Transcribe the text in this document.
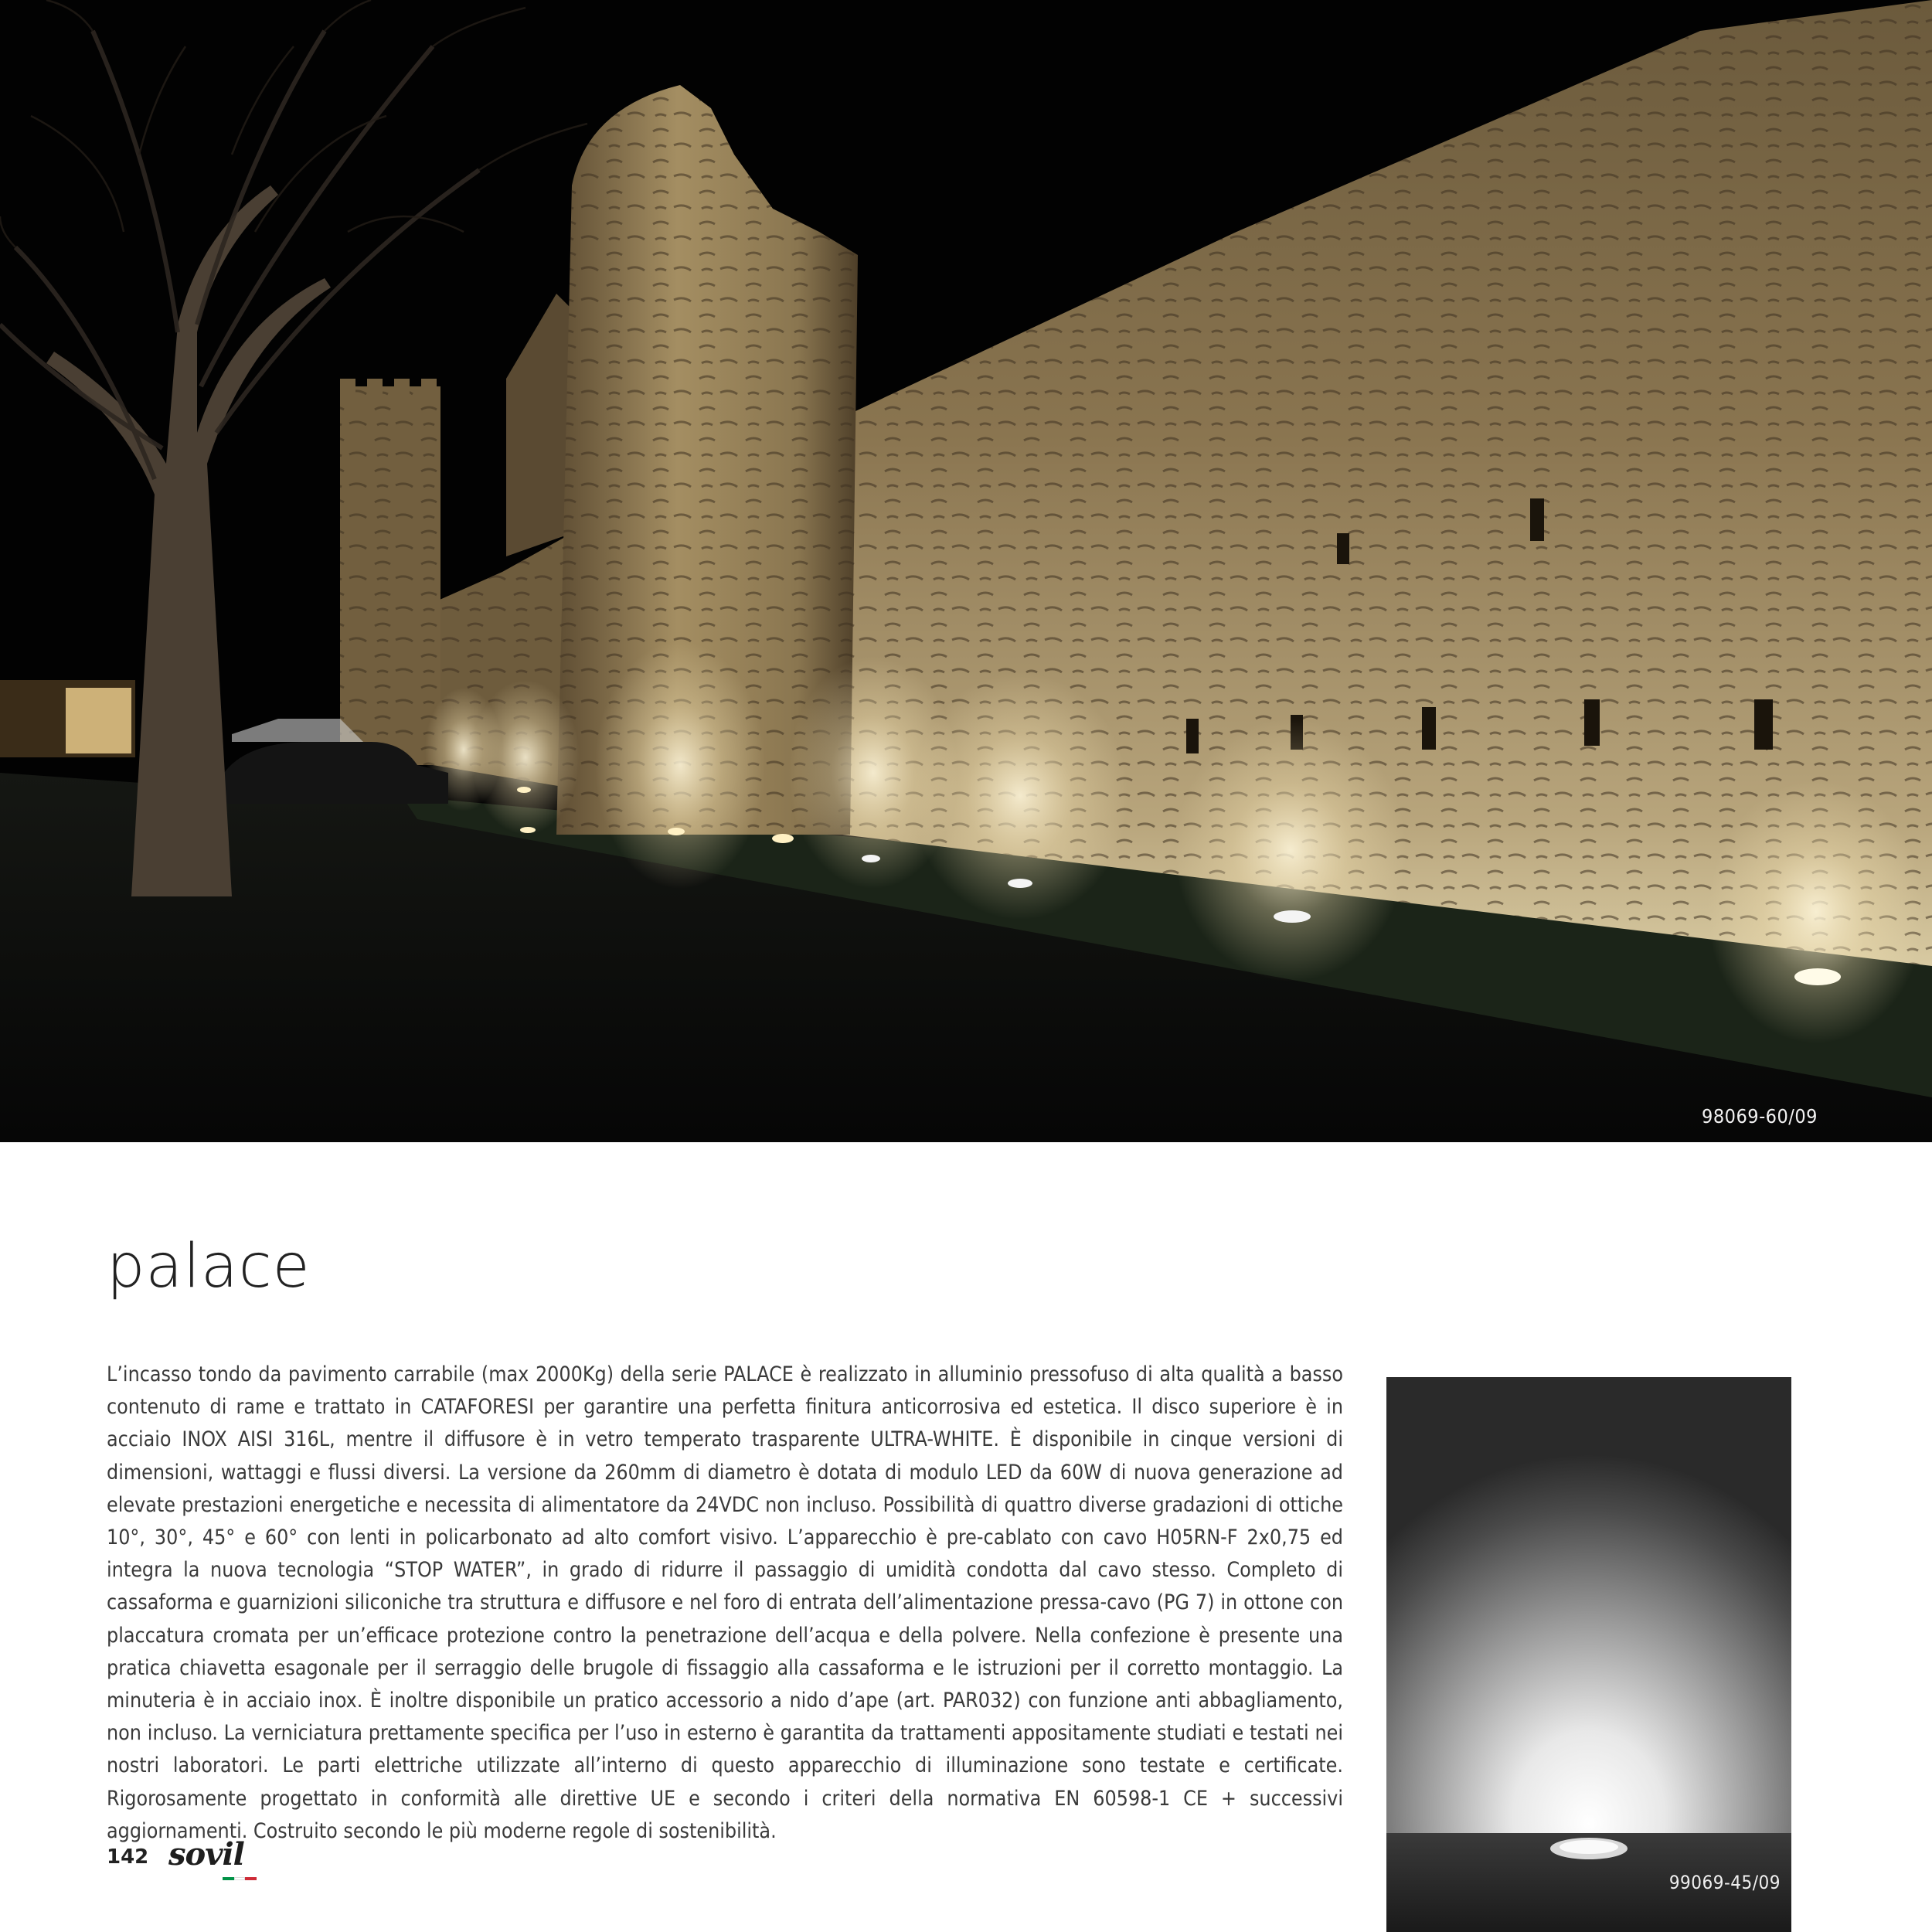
98069-60/09
palace

L’incasso tondo da pavimento carrabile (max 2000Kg) della serie PALACE è realizzato in alluminio pressofuso di alta qualità a basso contenuto di rame e trattato in CATAFORESI per garantire una perfetta finitura anticorrosiva ed estetica. Il disco superiore è in acciaio INOX AISI 316L, mentre il diffusore è in vetro temperato trasparente ULTRA-WHITE. È disponibile in cinque versioni di dimensioni, wattaggi e flussi diversi. La versione da 260mm di diametro è dotata di modulo LED da 60W di nuova generazione ad elevate prestazioni energetiche e necessita di alimentatore da 24VDC non incluso. Possibilità di quattro diverse gradazioni di ottiche 10°, 30°, 45° e 60° con lenti in policarbonato ad alto comfort visivo. L’apparecchio è pre-cablato con cavo H05RN-F 2x0,75 ed integra la nuova tecnologia “STOP WATER”, in grado di ridurre il passaggio di umidità condotta dal cavo stesso. Completo di cassaforma e guarnizioni siliconiche tra struttura e diffusore e nel foro di entrata dell’alimentazione pressa-cavo (PG 7) in ottone con placcatura cromata per un’efficace protezione contro la penetrazione dell’acqua e della polvere. Nella confezione è presente una pratica chiavetta esagonale per il serraggio delle brugole di fissaggio alla cassaforma e le istruzioni per il corretto montaggio. La minuteria è in acciaio inox. È inoltre disponibile un pratico accessorio a nido d’ape (art. PAR032) con funzione anti abbagliamento, non incluso. La verniciatura prettamente specifica per l’uso in esterno è garantita da trattamenti appositamente studiati e testati nei nostri laboratori. Le parti elettriche utilizzate all’interno di questo apparecchio di illuminazione sono testate e certificate. Rigorosamente progettato in conformità alle direttive UE e secondo i criteri della normativa EN 60598-1 CE + successivi aggiornamenti. Costruito secondo le più moderne regole di sostenibilità.

99069-45/09
142 sovil
